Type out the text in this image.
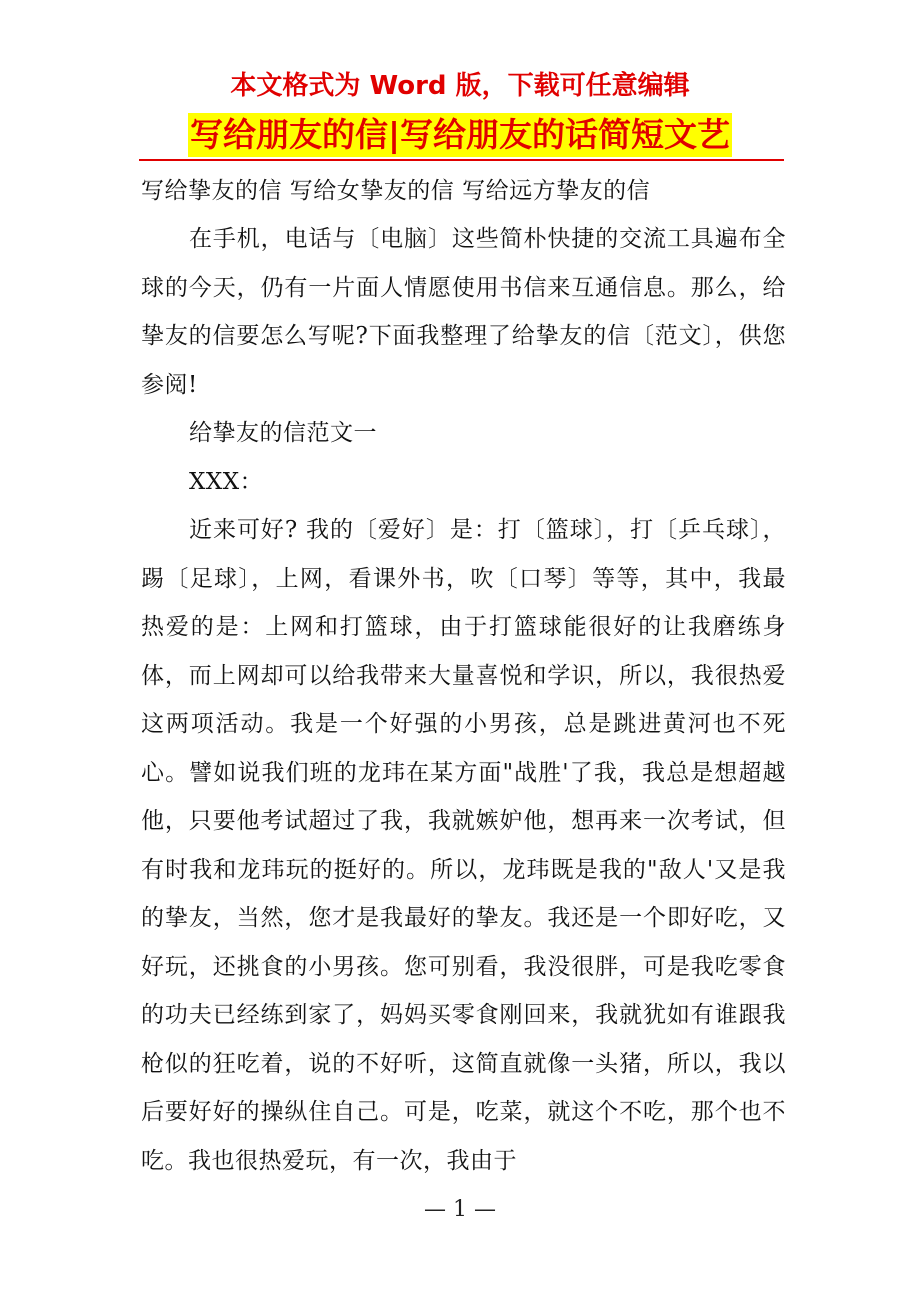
本文格式为 Word 版，下载可任意编辑
写给朋友的信|写给朋友的话简短文艺

写给挚友的信 写给女挚友的信 写给远方挚友的信

在手机，电话与〔电脑〕这些简朴快捷的交流工具遍布全球的今天，仍有一片面人情愿使用书信来互通信息。那么，给挚友的信要怎么写呢?下面我整理了给挚友的信〔范文〕，供您参阅!

给挚友的信范文一

XXX：

近来可好? 我的〔爱好〕是：打〔篮球〕，打〔乒乓球〕，踢〔足球〕，上网，看课外书，吹〔口琴〕等等，其中，我最热爱的是：上网和打篮球，由于打篮球能很好的让我磨练身体，而上网却可以给我带来大量喜悦和学识，所以，我很热爱这两项活动。我是一个好强的小男孩，总是跳进黄河也不死心。譬如说我们班的龙玮在某方面"战胜'了我，我总是想超越他，只要他考试超过了我，我就嫉妒他，想再来一次考试，但有时我和龙玮玩的挺好的。所以，龙玮既是我的"敌人'又是我的挚友，当然，您才是我最好的挚友。我还是一个即好吃，又好玩，还挑食的小男孩。您可别看，我没很胖，可是我吃零食的功夫已经练到家了，妈妈买零食刚回来，我就犹如有谁跟我枪似的狂吃着，说的不好听，这简直就像一头猪，所以，我以后要好好的操纵住自己。可是，吃菜，就这个不吃，那个也不吃。我也很热爱玩，有一次，我由于

— 1 —
